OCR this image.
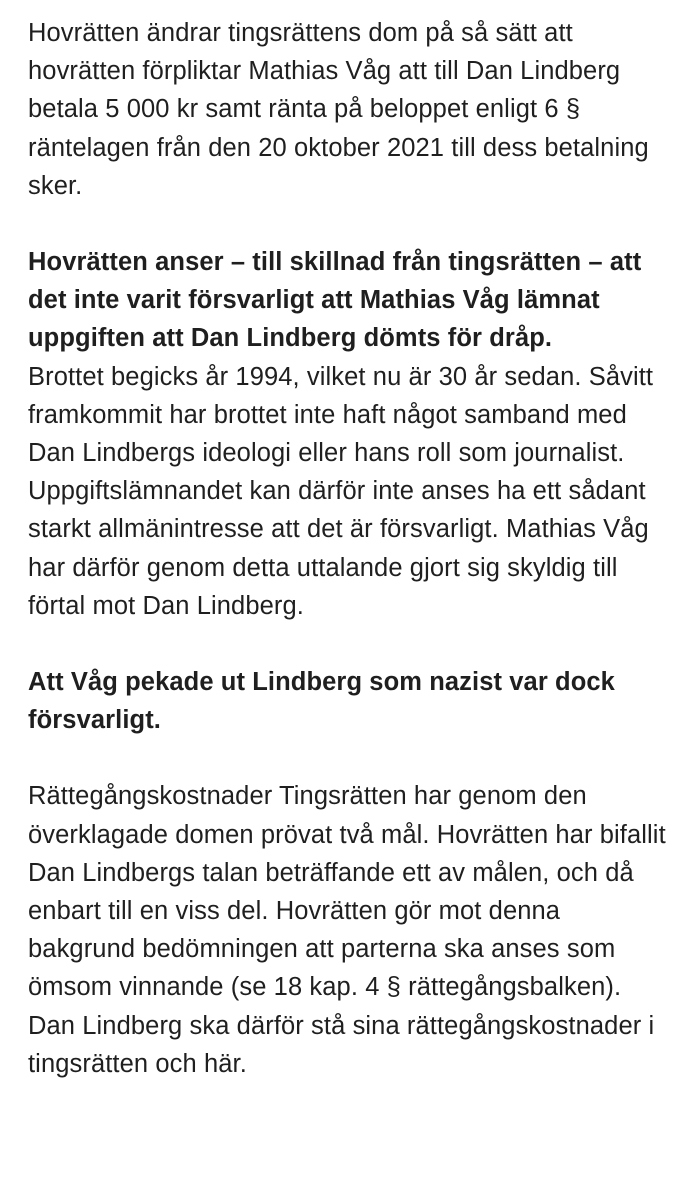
Hovrätten ändrar tingsrättens dom på så sätt att hovrätten förpliktar Mathias Våg att till Dan Lindberg betala 5 000 kr samt ränta på beloppet enligt 6 § räntelagen från den 20 oktober 2021 till dess betalning sker.

Hovrätten anser – till skillnad från tingsrätten – att det inte varit försvarligt att Mathias Våg lämnat uppgiften att Dan Lindberg dömts för dråp.

Brottet begicks år 1994, vilket nu är 30 år sedan. Såvitt framkommit har brottet inte haft något samband med Dan Lindbergs ideologi eller hans roll som journalist. Uppgiftslämnandet kan därför inte anses ha ett sådant starkt allmänintresse att det är försvarligt. Mathias Våg har därför genom detta uttalande gjort sig skyldig till förtal mot Dan Lindberg.

Att Våg pekade ut Lindberg som nazist var dock försvarligt.

Rättegångskostnader Tingsrätten har genom den överklagade domen prövat två mål. Hovrätten har bifallit Dan Lindbergs talan beträffande ett av målen, och då enbart till en viss del. Hovrätten gör mot denna bakgrund bedömningen att parterna ska anses som ömsom vinnande (se 18 kap. 4 § rättegångsbalken). Dan Lindberg ska därför stå sina rättegångskostnader i tingsrätten och här.
